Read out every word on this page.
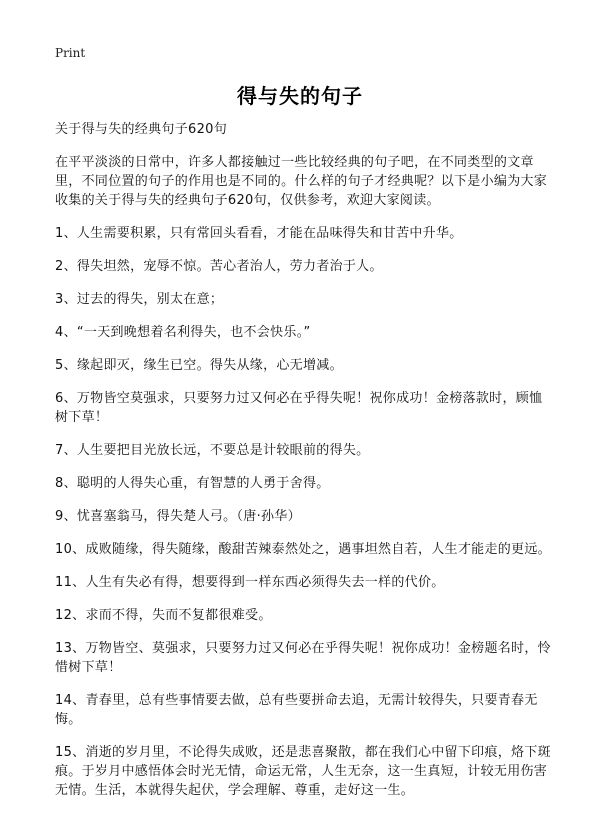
Print
得与失的句子
关于得与失的经典句子620句
在平平淡淡的日常中，许多人都接触过一些比较经典的句子吧，在不同类型的文章里，不同位置的句子的作用也是不同的。什么样的句子才经典呢？以下是小编为大家收集的关于得与失的经典句子620句，仅供参考，欢迎大家阅读。
1、人生需要积累，只有常回头看看，才能在品味得失和甘苦中升华。
2、得失坦然，宠辱不惊。苦心者治人，劳力者治于人。
3、过去的得失，别太在意；
4、“一天到晚想着名利得失，也不会快乐。”
5、缘起即灭，缘生已空。得失从缘，心无增减。
6、万物皆空莫强求，只要努力过又何必在乎得失呢！祝你成功！金榜落款时，顾恤树下草！
7、人生要把目光放长远，不要总是计较眼前的得失。
8、聪明的人得失心重，有智慧的人勇于舍得。
9、忧喜塞翁马，得失楚人弓。（唐·孙华）
10、成败随缘，得失随缘，酸甜苦辣泰然处之，遇事坦然自若，人生才能走的更远。
11、人生有失必有得，想要得到一样东西必须得失去一样的代价。
12、求而不得，失而不复都很难受。
13、万物皆空、莫强求，只要努力过又何必在乎得失呢！祝你成功！金榜题名时，怜惜树下草！
14、青春里，总有些事情要去做，总有些要拼命去追，无需计较得失，只要青春无悔。
15、消逝的岁月里，不论得失成败，还是悲喜聚散，都在我们心中留下印痕，烙下斑痕。于岁月中感悟体会时光无情，命运无常，人生无奈，这一生真短，计较无用伤害无情。生活，本就得失起伏，学会理解、尊重，走好这一生。
